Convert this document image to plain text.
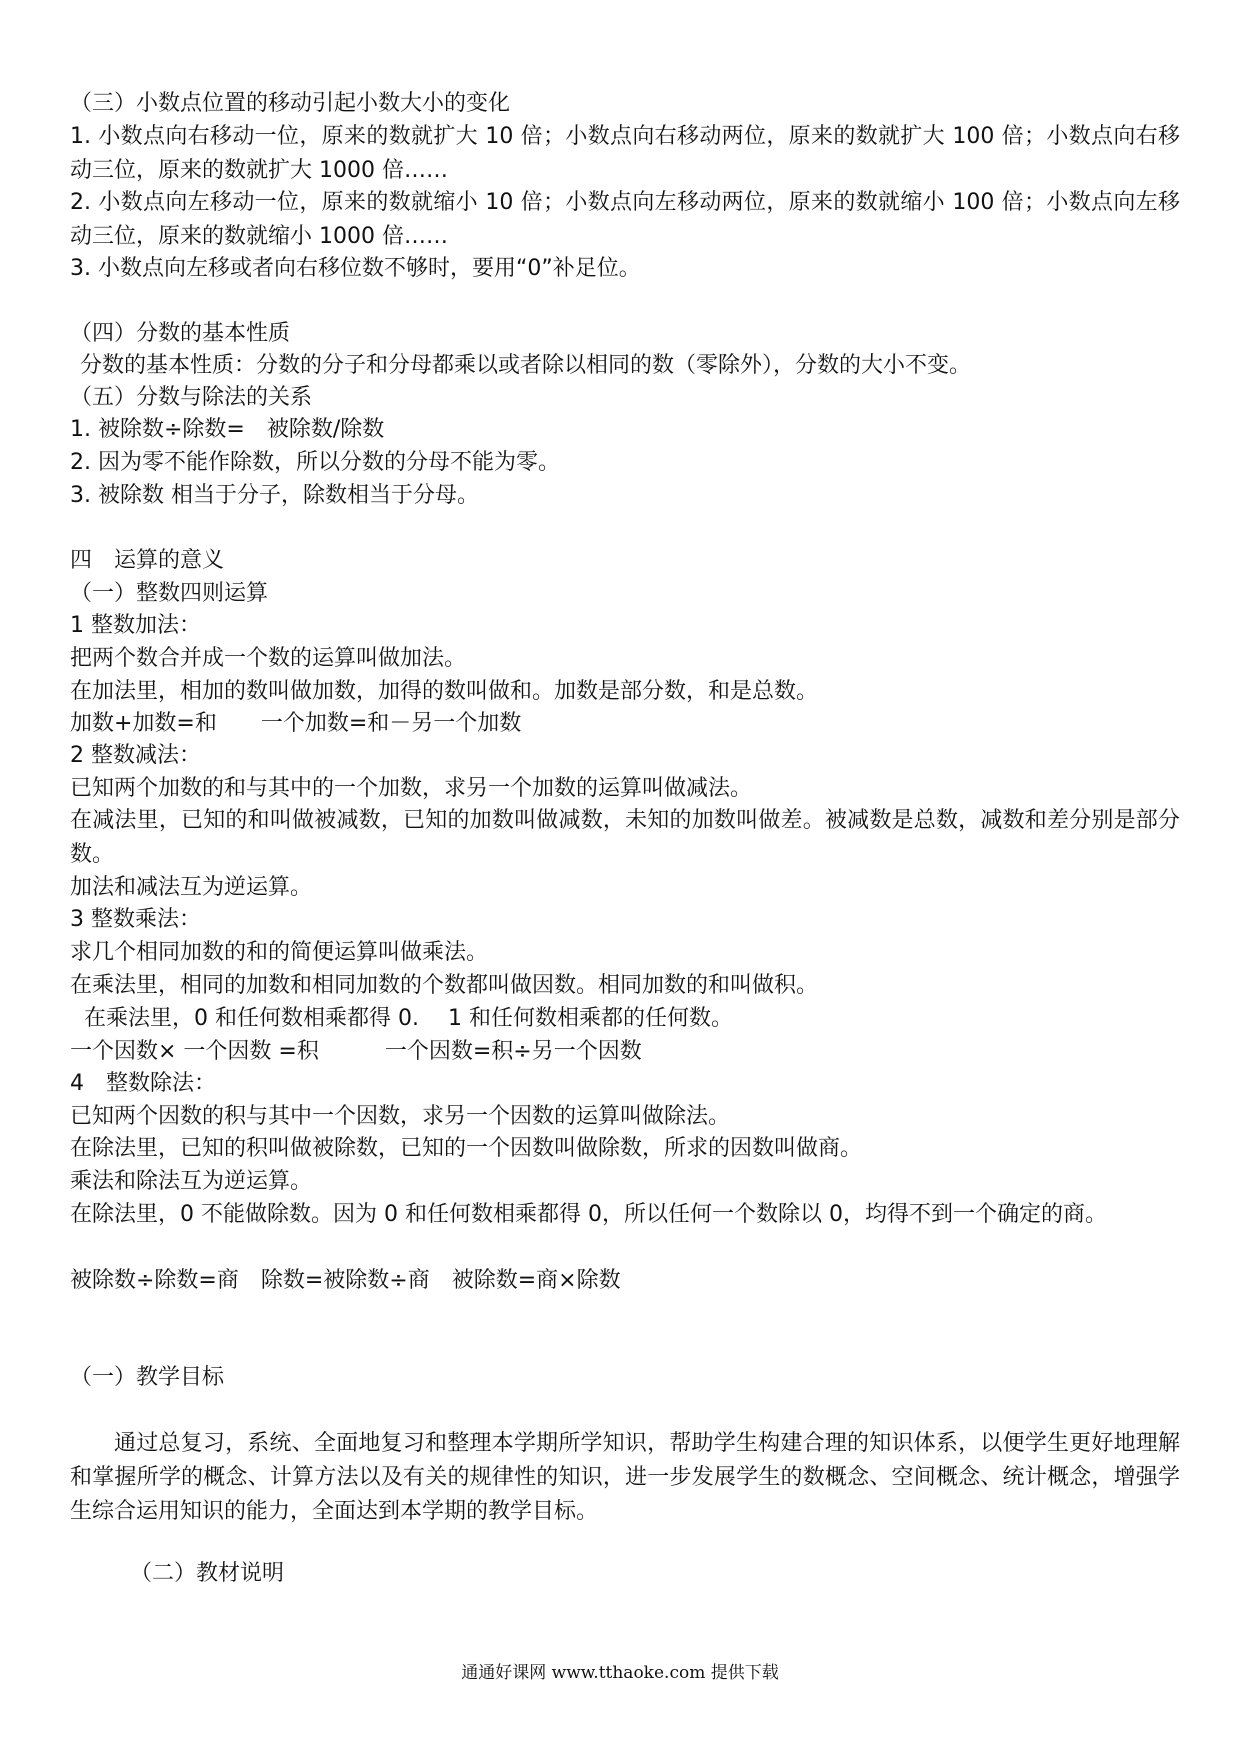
（三）小数点位置的移动引起小数大小的变化
1. 小数点向右移动一位，原来的数就扩大 10 倍；小数点向右移动两位，原来的数就扩大 100 倍；小数点向右移动三位，原来的数就扩大 1000 倍……
2. 小数点向左移动一位，原来的数就缩小 10 倍；小数点向左移动两位，原来的数就缩小 100 倍；小数点向左移动三位，原来的数就缩小 1000 倍……
3. 小数点向左移或者向右移位数不够时，要用“0”补足位。
（四）分数的基本性质
分数的基本性质：分数的分子和分母都乘以或者除以相同的数（零除外），分数的大小不变。
（五）分数与除法的关系
1. 被除数÷除数=　被除数/除数
2. 因为零不能作除数，所以分数的分母不能为零。
3. 被除数 相当于分子，除数相当于分母。
四　运算的意义
（一）整数四则运算
1 整数加法：
把两个数合并成一个数的运算叫做加法。
在加法里，相加的数叫做加数，加得的数叫做和。加数是部分数，和是总数。
加数+加数=和　　一个加数=和－另一个加数
2 整数减法：
已知两个加数的和与其中的一个加数，求另一个加数的运算叫做减法。
在减法里，已知的和叫做被减数，已知的加数叫做减数，未知的加数叫做差。被减数是总数，减数和差分别是部分数。
加法和减法互为逆运算。
3 整数乘法：
求几个相同加数的和的简便运算叫做乘法。
在乘法里，相同的加数和相同加数的个数都叫做因数。相同加数的和叫做积。
在乘法里，0 和任何数相乘都得 0.　 1 和任何数相乘都的任何数。
一个因数× 一个因数 =积　　　一个因数=积÷另一个因数
4　整数除法：
已知两个因数的积与其中一个因数，求另一个因数的运算叫做除法。
在除法里，已知的积叫做被除数，已知的一个因数叫做除数，所求的因数叫做商。
乘法和除法互为逆运算。
在除法里，0 不能做除数。因为 0 和任何数相乘都得 0，所以任何一个数除以 0，均得不到一个确定的商。
被除数÷除数=商　除数=被除数÷商　被除数=商×除数
（一）教学目标
通过总复习，系统、全面地复习和整理本学期所学知识，帮助学生构建合理的知识体系，以便学生更好地理解和掌握所学的概念、计算方法以及有关的规律性的知识，进一步发展学生的数概念、空间概念、统计概念，增强学生综合运用知识的能力，全面达到本学期的教学目标。
（二）教材说明
通通好课网 www.tthaoke.com 提供下载
